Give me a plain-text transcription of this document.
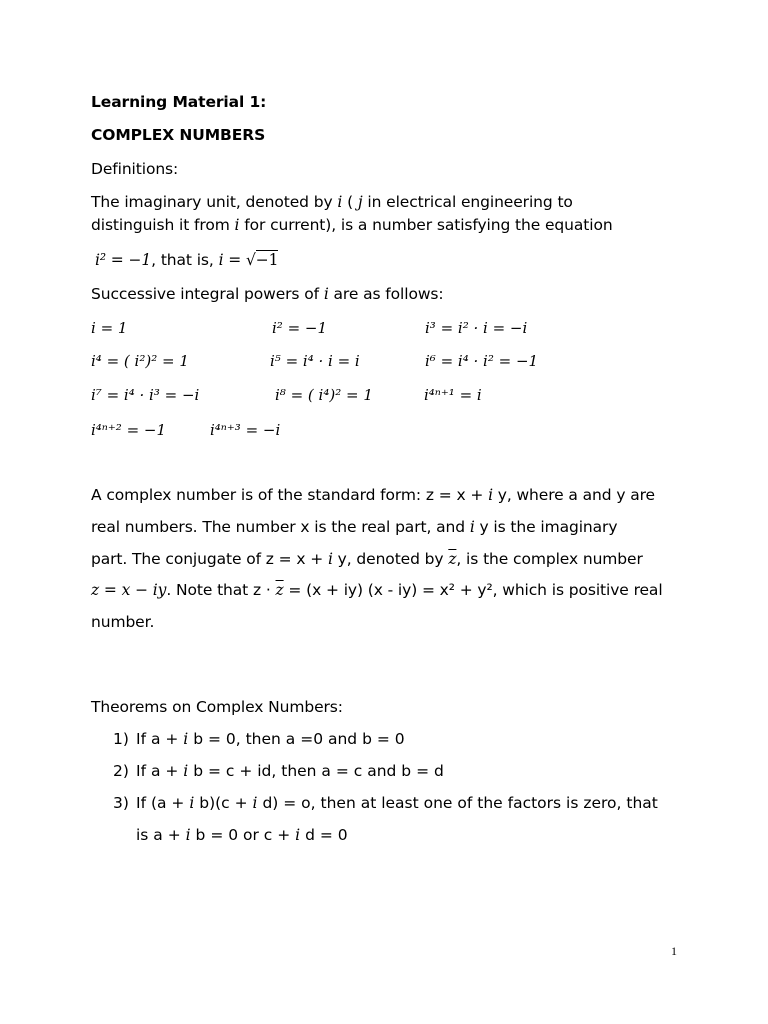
Learning Material 1:
COMPLEX NUMBERS
Definitions:
The imaginary unit, denoted by i ( j in electrical engineering to
distinguish it from i for current), is a number satisfying the equation
i² = −1, that is, i = √−1
Successive integral powers of i are as follows:
i = 1	i² = −1	i³ = i² · i = −i
i⁴ = ( i²)² = 1	i⁵ = i⁴ · i = i	i⁶ = i⁴ · i² = −1
i⁷ = i⁴ · i³ = −i	i⁸ = ( i⁴)² = 1	i⁴ⁿ⁺¹ = i
i⁴ⁿ⁺² = −1	i⁴ⁿ⁺³ = −i
A complex number is of the standard form: z = x + i y, where a and y are
real numbers. The number x is the real part, and i y is the imaginary
part. The conjugate of z = x + i y, denoted by $\overline{z}$, is the complex number
z = x − iy. Note that $z \cdot \overline{z} = (x + iy)$ (x - iy) = x² + y², which is positive real
number.
Theorems on Complex Numbers:
1) If a + i b = 0, then a =0 and b = 0
2) If a + i b = c + id, then a = c and b = d
3) If (a + i b)(c + i d) = o, then at least one of the factors is zero, that
is a + i b = 0 or c + i d = 0
1
